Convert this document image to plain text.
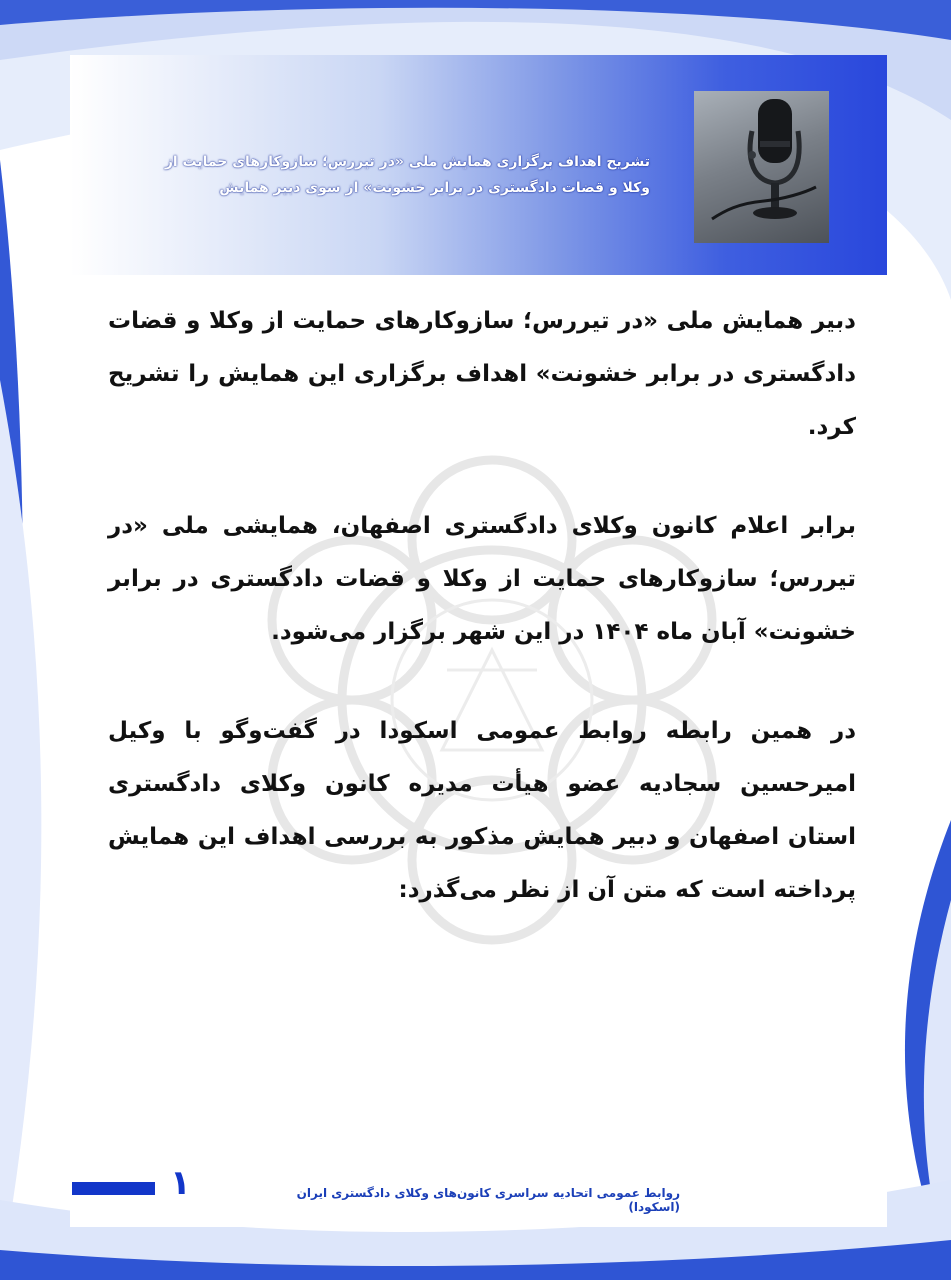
تشریح اهداف برگزاری همایش ملی «در تیررس؛ سازوکارهای حمایت از وکلا و قضات دادگستری در برابر خشونت» از سوی دبیر همایش

دبیر همایش ملی «در تیررس؛ سازوکارهای حمایت از وکلا و قضات دادگستری در برابر خشونت» اهداف برگزاری این همایش را تشریح کرد.

برابر اعلام کانون وکلای دادگستری اصفهان، همایشی ملی «در تیررس؛ سازوکارهای حمایت از وکلا و قضات دادگستری در برابر خشونت» آبان ماه ۱۴۰۴ در این شهر برگزار می‌شود.

در همین رابطه روابط عمومی اسکودا در گفت‌وگو با وکیل امیرحسین سجادیه عضو هیأت مدیره کانون وکلای دادگستری استان اصفهان و دبیر همایش مذکور به بررسی اهداف این همایش پرداخته است که متن آن از نظر می‌گذرد:

۱	روابط عمومی اتحادیه سراسری کانون‌های وکلای دادگستری ایران (اسکودا)
